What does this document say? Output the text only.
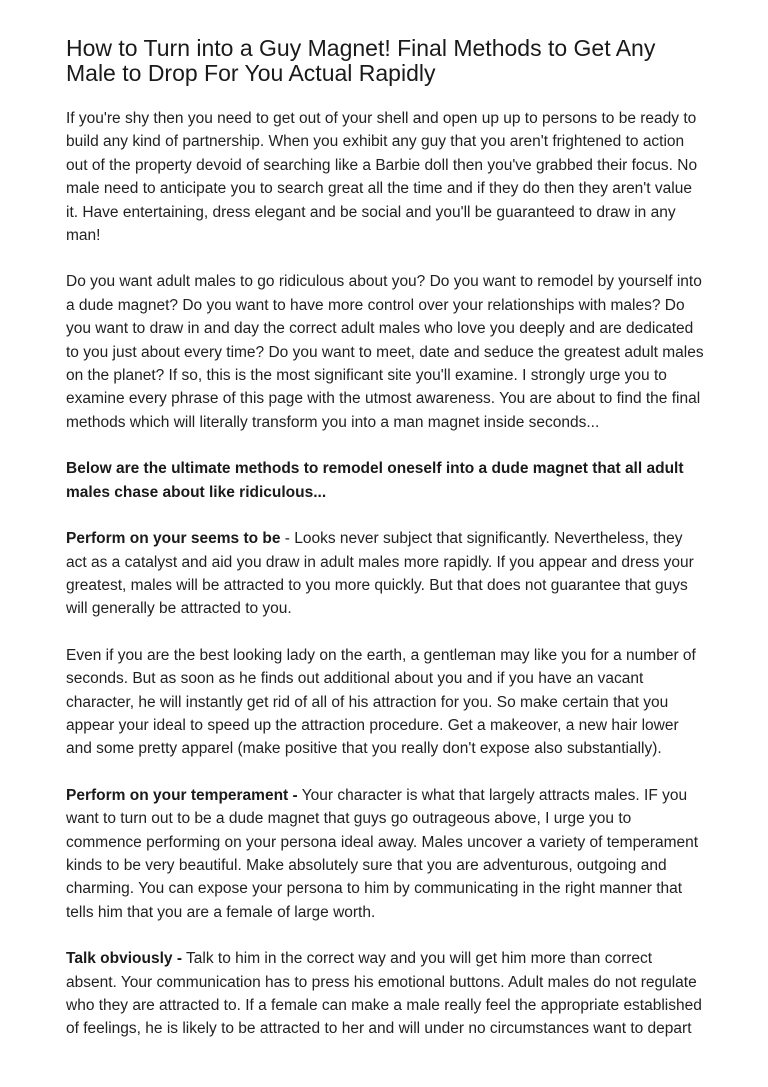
How to Turn into a Guy Magnet! Final Methods to Get Any Male to Drop For You Actual Rapidly

If you're shy then you need to get out of your shell and open up up to persons to be ready to build any kind of partnership. When you exhibit any guy that you aren't frightened to action out of the property devoid of searching like a Barbie doll then you've grabbed their focus. No male need to anticipate you to search great all the time and if they do then they aren't value it. Have entertaining, dress elegant and be social and you'll be guaranteed to draw in any man!

Do you want adult males to go ridiculous about you? Do you want to remodel by yourself into a dude magnet? Do you want to have more control over your relationships with males? Do you want to draw in and day the correct adult males who love you deeply and are dedicated to you just about every time? Do you want to meet, date and seduce the greatest adult males on the planet? If so, this is the most significant site you'll examine. I strongly urge you to examine every phrase of this page with the utmost awareness. You are about to find the final methods which will literally transform you into a man magnet inside seconds...

Below are the ultimate methods to remodel oneself into a dude magnet that all adult males chase about like ridiculous...

Perform on your seems to be - Looks never subject that significantly. Nevertheless, they act as a catalyst and aid you draw in adult males more rapidly. If you appear and dress your greatest, males will be attracted to you more quickly. But that does not guarantee that guys will generally be attracted to you.

Even if you are the best looking lady on the earth, a gentleman may like you for a number of seconds. But as soon as he finds out additional about you and if you have an vacant character, he will instantly get rid of all of his attraction for you. So make certain that you appear your ideal to speed up the attraction procedure. Get a makeover, a new hair lower and some pretty apparel (make positive that you really don't expose also substantially).

Perform on your temperament - Your character is what that largely attracts males. IF you want to turn out to be a dude magnet that guys go outrageous above, I urge you to commence performing on your persona ideal away. Males uncover a variety of temperament kinds to be very beautiful. Make absolutely sure that you are adventurous, outgoing and charming. You can expose your persona to him by communicating in the right manner that tells him that you are a female of large worth.

Talk obviously - Talk to him in the correct way and you will get him more than correct absent. Your communication has to press his emotional buttons. Adult males do not regulate who they are attracted to. If a female can make a male really feel the appropriate established of feelings, he is likely to be attracted to her and will under no circumstances want to depart
